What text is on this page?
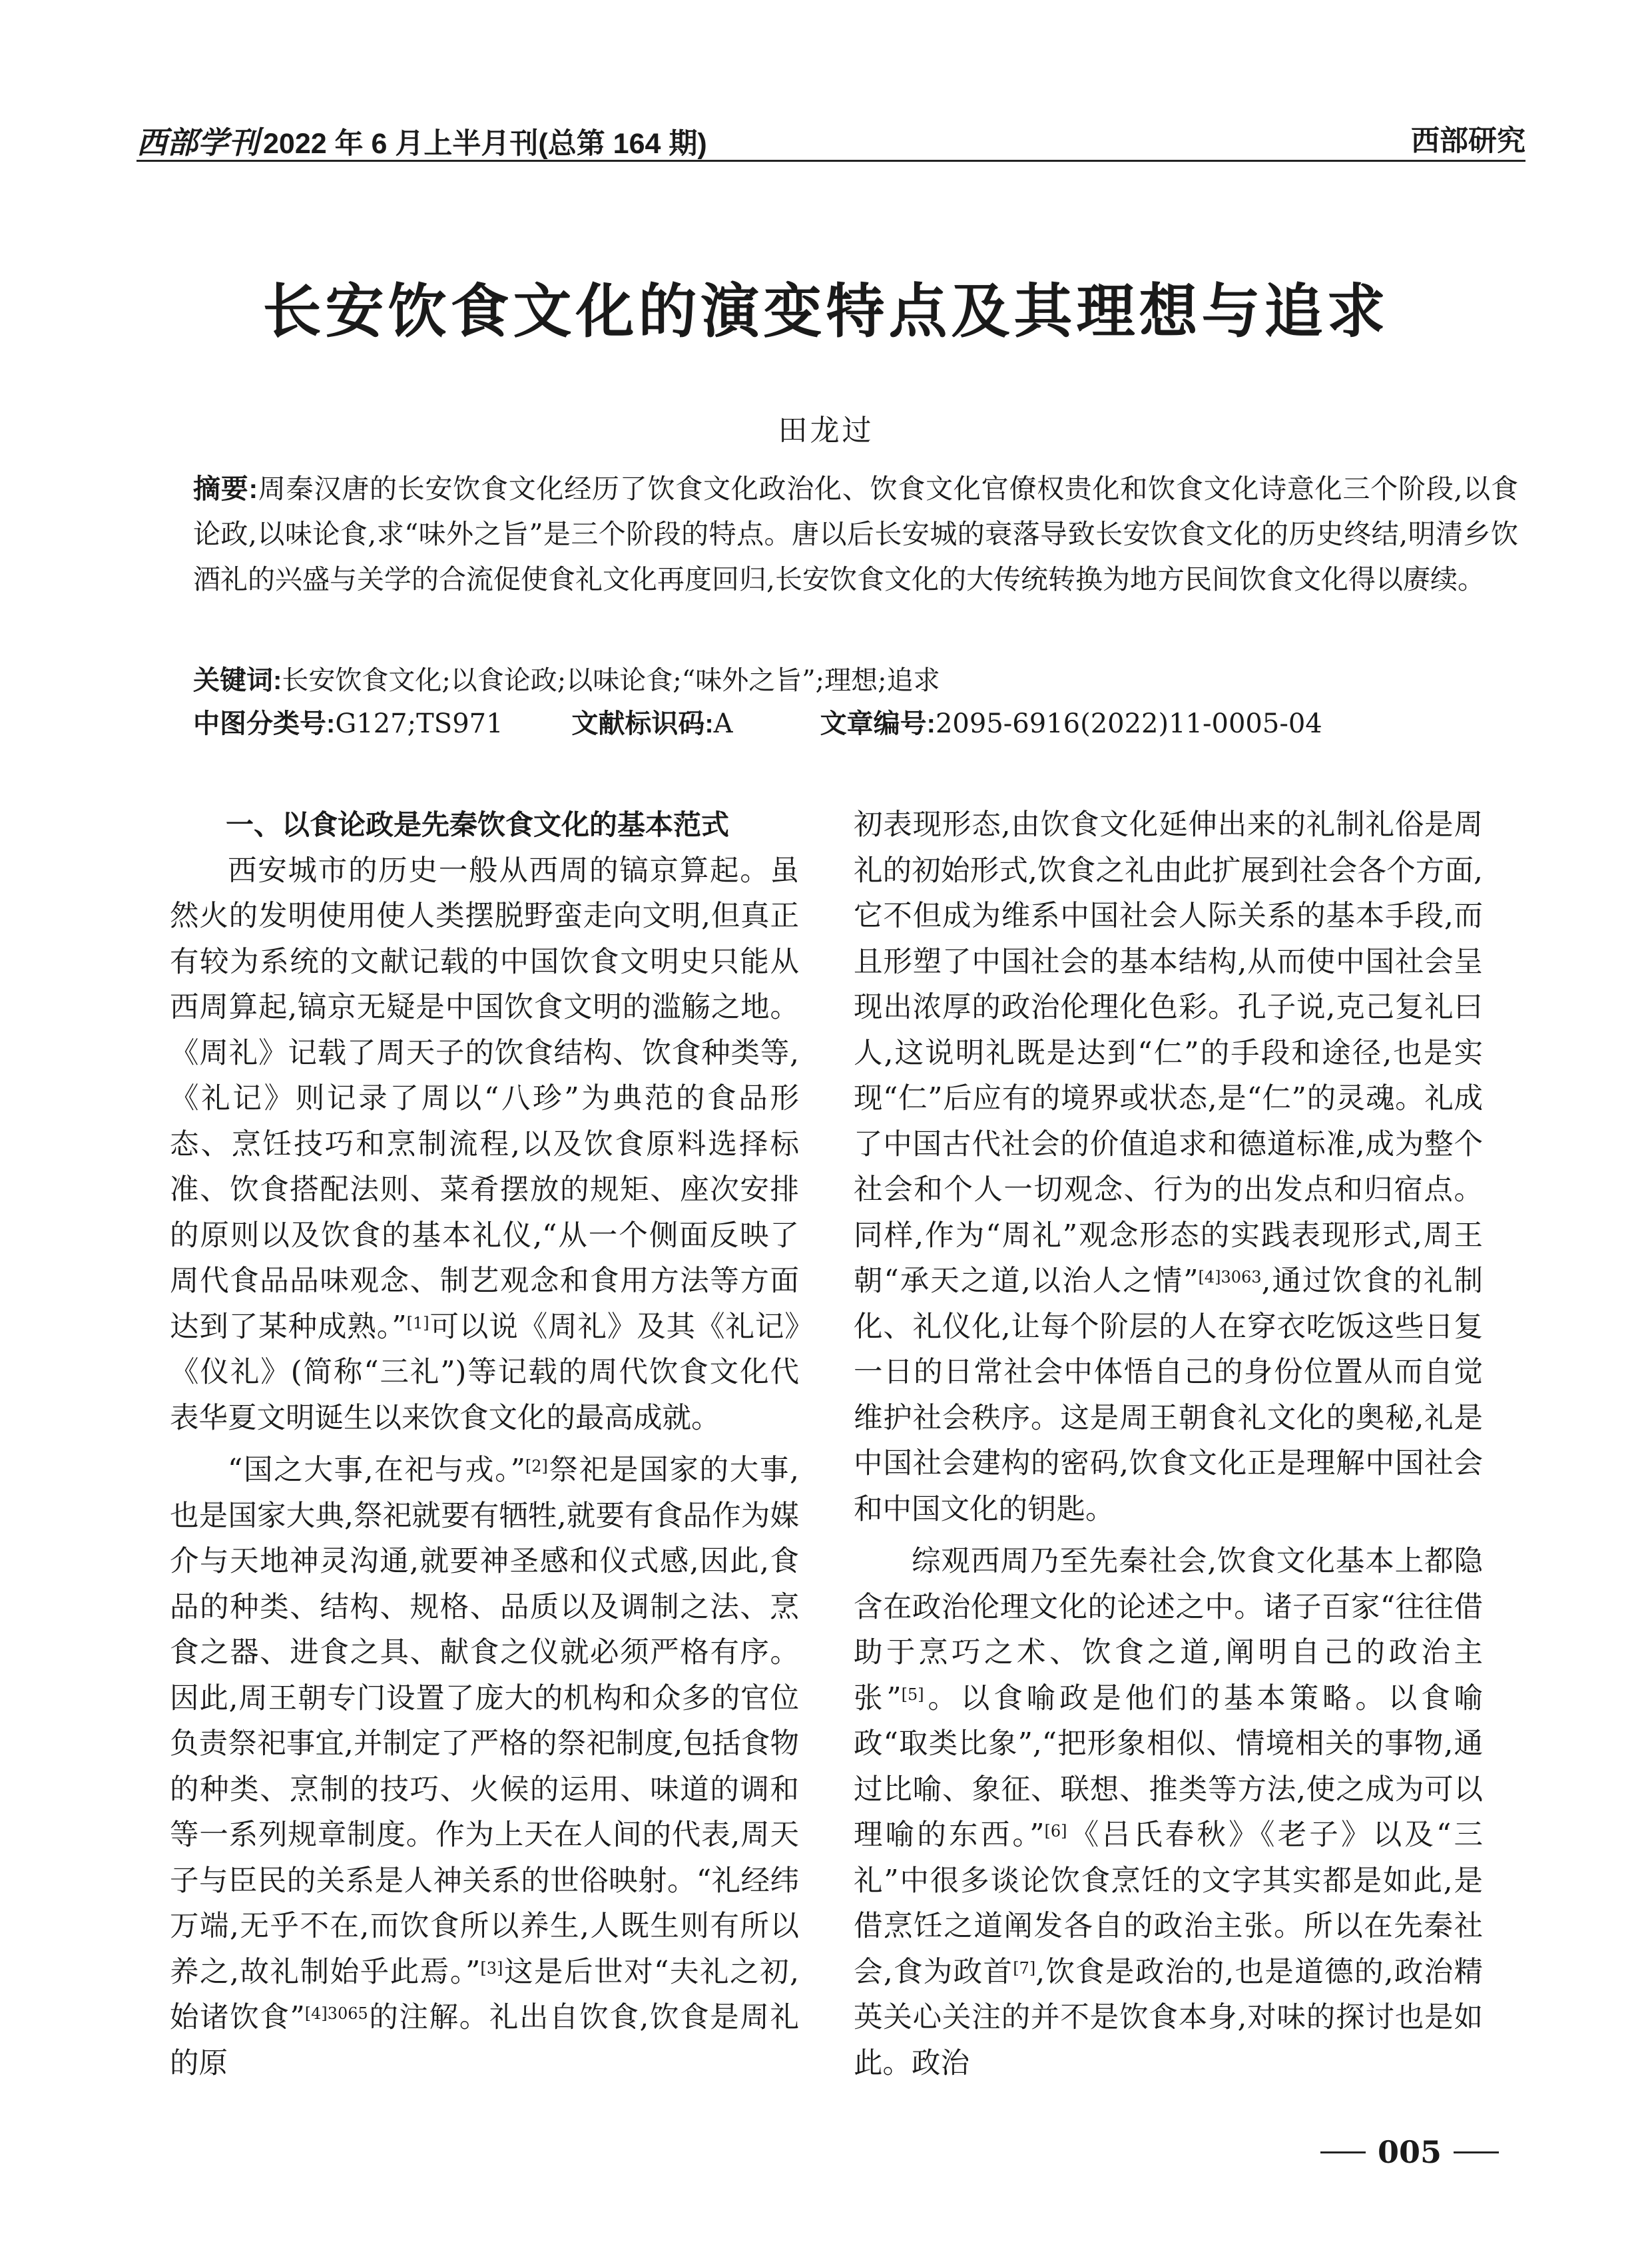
西部学刊 2022 年 6 月上半月刊(总第 164 期)	西部研究
长安饮食文化的演变特点及其理想与追求
田龙过
摘要:周秦汉唐的长安饮食文化经历了饮食文化政治化、饮食文化官僚权贵化和饮食文化诗意化三个阶段,以食论政,以味论食,求“味外之旨”是三个阶段的特点。唐以后长安城的衰落导致长安饮食文化的历史终结,明清乡饮酒礼的兴盛与关学的合流促使食礼文化再度回归,长安饮食文化的大传统转换为地方民间饮食文化得以赓续。
关键词:长安饮食文化;以食论政;以味论食;“味外之旨”;理想;追求
中图分类号:G127;TS971	文献标识码:A	文章编号:2095-6916(2022)11-0005-04

一、以食论政是先秦饮食文化的基本范式

西安城市的历史一般从西周的镐京算起。虽然火的发明使用使人类摆脱野蛮走向文明,但真正有较为系统的文献记载的中国饮食文明史只能从西周算起,镐京无疑是中国饮食文明的滥觞之地。《周礼》记载了周天子的饮食结构、饮食种类等,《礼记》则记录了周以“八珍”为典范的食品形态、烹饪技巧和烹制流程,以及饮食原料选择标准、饮食搭配法则、菜肴摆放的规矩、座次安排的原则以及饮食的基本礼仪,“从一个侧面反映了周代食品品味观念、制艺观念和食用方法等方面达到了某种成熟。”[1]可以说《周礼》及其《礼记》《仪礼》(简称“三礼”)等记载的周代饮食文化代表华夏文明诞生以来饮食文化的最高成就。

“国之大事,在祀与戎。”[2]祭祀是国家的大事,也是国家大典,祭祀就要有牺牲,就要有食品作为媒介与天地神灵沟通,就要神圣感和仪式感,因此,食品的种类、结构、规格、品质以及调制之法、烹食之器、进食之具、献食之仪就必须严格有序。因此,周王朝专门设置了庞大的机构和众多的官位负责祭祀事宜,并制定了严格的祭祀制度,包括食物的种类、烹制的技巧、火候的运用、味道的调和等一系列规章制度。作为上天在人间的代表,周天子与臣民的关系是人神关系的世俗映射。“礼经纬万端,无乎不在,而饮食所以养生,人既生则有所以养之,故礼制始乎此焉。”[3]这是后世对“夫礼之初,始诸饮食”$^{[4]3065}$的注解。礼出自饮食,饮食是周礼的原

初表现形态,由饮食文化延伸出来的礼制礼俗是周礼的初始形式,饮食之礼由此扩展到社会各个方面,它不但成为维系中国社会人际关系的基本手段,而且形塑了中国社会的基本结构,从而使中国社会呈现出浓厚的政治伦理化色彩。孔子说,克己复礼曰人,这说明礼既是达到“仁”的手段和途径,也是实现“仁”后应有的境界或状态,是“仁”的灵魂。礼成了中国古代社会的价值追求和德道标准,成为整个社会和个人一切观念、行为的出发点和归宿点。同样,作为“周礼”观念形态的实践表现形式,周王朝“承天之道,以治人之情”$^{[4]3063}$,通过饮食的礼制化、礼仪化,让每个阶层的人在穿衣吃饭这些日复一日的日常社会中体悟自己的身份位置从而自觉维护社会秩序。这是周王朝食礼文化的奥秘,礼是中国社会建构的密码,饮食文化正是理解中国社会和中国文化的钥匙。

综观西周乃至先秦社会,饮食文化基本上都隐含在政治伦理文化的论述之中。诸子百家“往往借助于烹巧之术、饮食之道,阐明自己的政治主张”[5]。以食喻政是他们的基本策略。以食喻政“取类比象”,“把形象相似、情境相关的事物,通过比喻、象征、联想、推类等方法,使之成为可以理喻的东西。”[6]《吕氏春秋》《老子》以及“三礼”中很多谈论饮食烹饪的文字其实都是如此,是借烹饪之道阐发各自的政治主张。所以在先秦社会,食为政首[7],饮食是政治的,也是道德的,政治精英关心关注的并不是饮食本身,对味的探讨也是如此。政治

005
